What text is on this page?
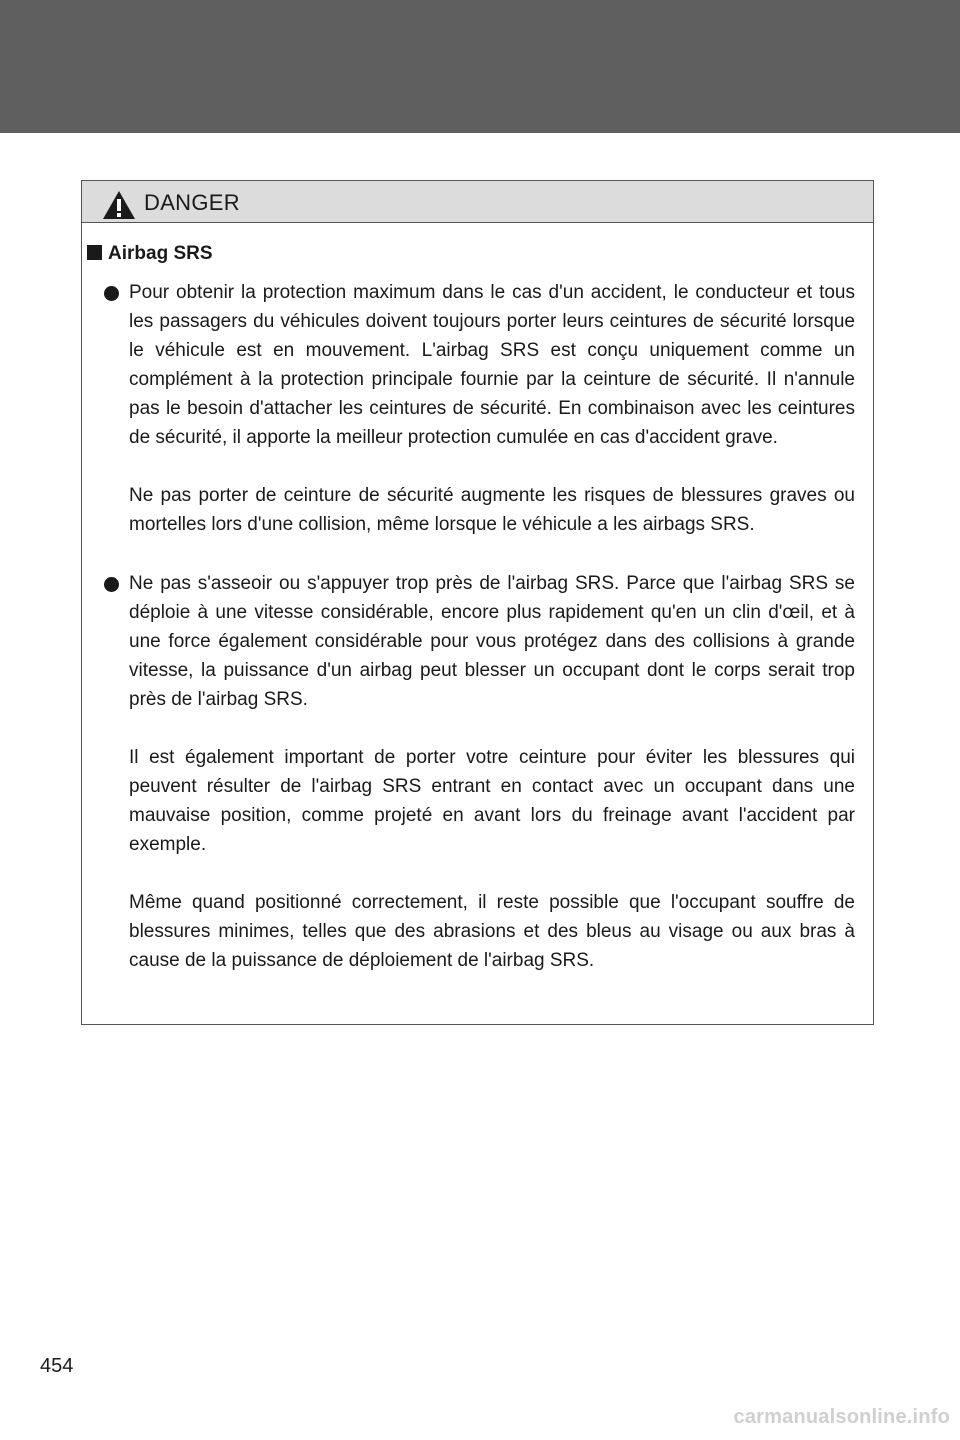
DANGER
Airbag SRS

Pour obtenir la protection maximum dans le cas d'un accident, le conducteur et tous les passagers du véhicules doivent toujours porter leurs ceintures de sécurité lorsque le véhicule est en mouvement. L'airbag SRS est conçu uniquement comme un complément à la protection principale fournie par la ceinture de sécurité. Il n'annule pas le besoin d'attacher les ceintures de sécurité. En combinaison avec les ceintures de sécurité, il apporte la meilleur protection cumulée en cas d'accident grave.

Ne pas porter de ceinture de sécurité augmente les risques de blessures graves ou mortelles lors d'une collision, même lorsque le véhicule a les airbags SRS.

Ne pas s'asseoir ou s'appuyer trop près de l'airbag SRS. Parce que l'airbag SRS se déploie à une vitesse considérable, encore plus rapidement qu'en un clin d'œil, et à une force également considérable pour vous protégez dans des collisions à grande vitesse, la puissance d'un airbag peut blesser un occupant dont le corps serait trop près de l'airbag SRS.

Il est également important de porter votre ceinture pour éviter les blessures qui peuvent résulter de l'airbag SRS entrant en contact avec un occupant dans une mauvaise position, comme projeté en avant lors du freinage avant l'accident par exemple.

Même quand positionné correctement, il reste possible que l'occupant souffre de blessures minimes, telles que des abrasions et des bleus au visage ou aux bras à cause de la puissance de déploiement de l'airbag SRS.

454
carmanualsonline.info
